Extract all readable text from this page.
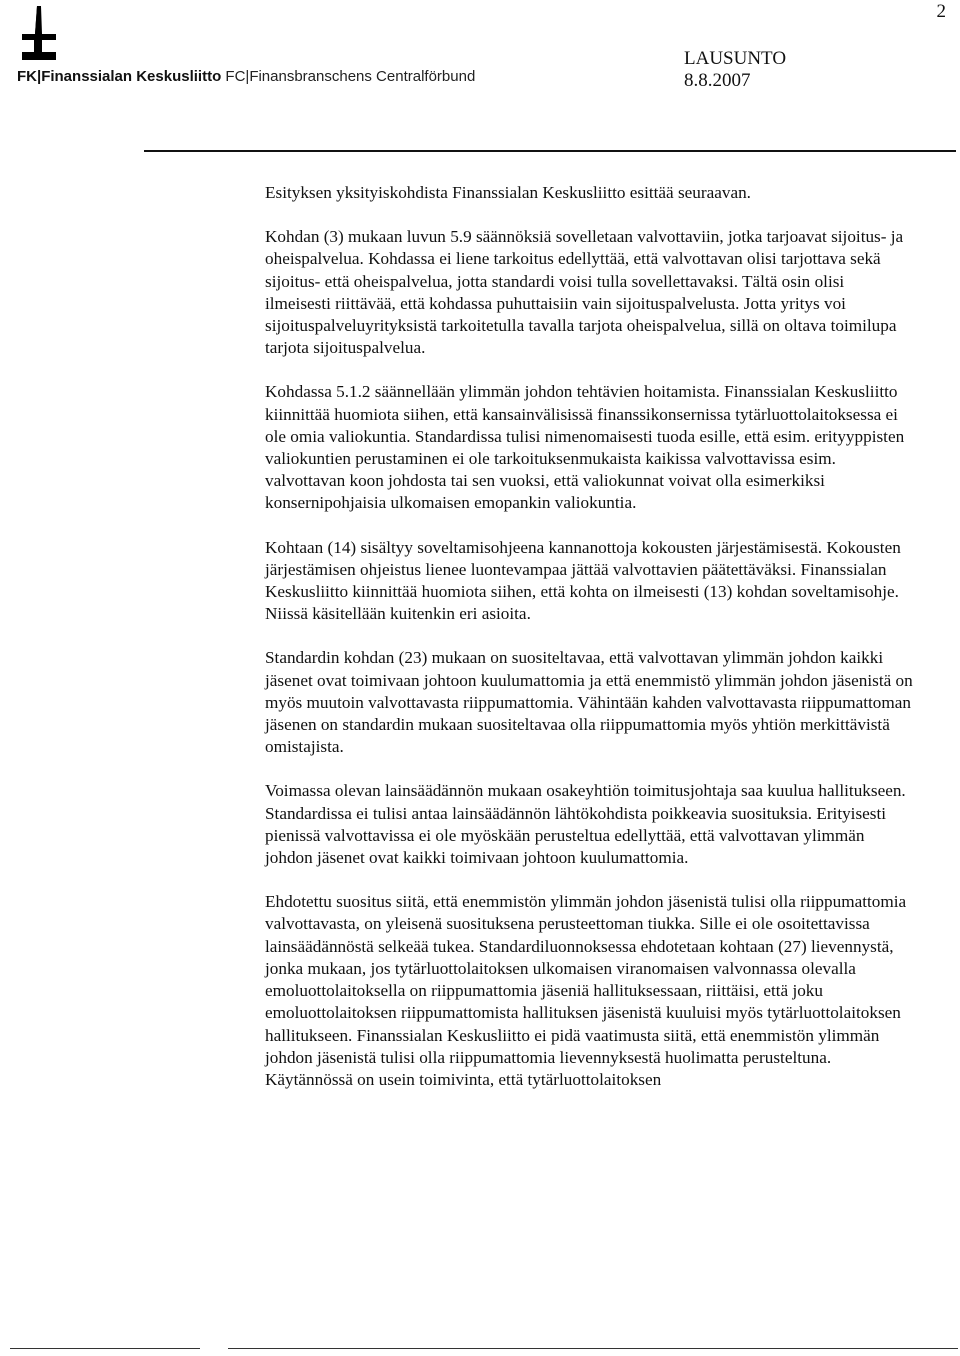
2
FK|Finanssialan Keskusliitto FC|Finansbranschens Centralförbund
LAUSUNTO
8.8.2007

Esityksen yksityiskohdista Finanssialan Keskusliitto esittää seuraavan.

Kohdan (3) mukaan luvun 5.9 säännöksiä sovelletaan valvottaviin, jotka tarjoavat sijoitus- ja oheispalvelua. Kohdassa ei liene tarkoitus edellyttää, että valvottavan olisi tarjottava sekä sijoitus- että oheispalvelua, jotta standardi voisi tulla sovellettavaksi. Tältä osin olisi ilmeisesti riittävää, että kohdassa puhuttaisiin vain sijoituspalvelusta. Jotta yritys voi sijoituspalveluyrityksistä tarkoitetulla tavalla tarjota oheispalvelua, sillä on oltava toimilupa tarjota sijoituspalvelua.

Kohdassa 5.1.2 säännellään ylimmän johdon tehtävien hoitamista. Finanssialan Keskusliitto kiinnittää huomiota siihen, että kansainvälisissä finanssikonsernissa tytärluottolaitoksessa ei ole omia valiokuntia. Standardissa tulisi nimenomaisesti tuoda esille, että esim. erityyppisten valiokuntien perustaminen ei ole tarkoituksenmukaista kaikissa valvottavissa esim. valvottavan koon johdosta tai sen vuoksi, että valiokunnat voivat olla esimerkiksi konsernipohjaisia ulkomaisen emopankin valiokuntia.

Kohtaan (14) sisältyy soveltamisohjeena kannanottoja kokousten järjestämisestä. Kokousten järjestämisen ohjeistus lienee luontevampaa jättää valvottavien päätettäväksi. Finanssialan Keskusliitto kiinnittää huomiota siihen, että kohta on ilmeisesti (13) kohdan soveltamisohje. Niissä käsitellään kuitenkin eri asioita.

Standardin kohdan (23) mukaan on suositeltavaa, että valvottavan ylimmän johdon kaikki jäsenet ovat toimivaan johtoon kuulumattomia ja että enemmistö ylimmän johdon jäsenistä on myös muutoin valvottavasta riippumattomia. Vähintään kahden valvottavasta riippumattoman jäsenen on standardin mukaan suositeltavaa olla riippumattomia myös yhtiön merkittävistä omistajista.

Voimassa olevan lainsäädännön mukaan osakeyhtiön toimitusjohtaja saa kuulua hallitukseen. Standardissa ei tulisi antaa lainsäädännön lähtökohdista poikkeavia suosituksia. Erityisesti pienissä valvottavissa ei ole myöskään perusteltua edellyttää, että valvottavan ylimmän johdon jäsenet ovat kaikki toimivaan johtoon kuulumattomia.

Ehdotettu suositus siitä, että enemmistön ylimmän johdon jäsenistä tulisi olla riippumattomia valvottavasta, on yleisenä suosituksena perusteettoman tiukka. Sille ei ole osoitettavissa lainsäädännöstä selkeää tukea. Standardiluonnoksessa ehdotetaan kohtaan (27) lievennystä, jonka mukaan, jos tytärluottolaitoksen ulkomaisen viranomaisen valvonnassa olevalla emoluottolaitoksella on riippumattomia jäseniä hallituksessaan, riittäisi, että joku emoluottolaitoksen riippumattomista hallituksen jäsenistä kuuluisi myös tytärluottolaitoksen hallitukseen. Finanssialan Keskusliitto ei pidä vaatimusta siitä, että enemmistön ylimmän johdon jäsenistä tulisi olla riippumattomia lievennyksestä huolimatta perusteltuna. Käytännössä on usein toimivinta, että tytärluottolaitoksen
